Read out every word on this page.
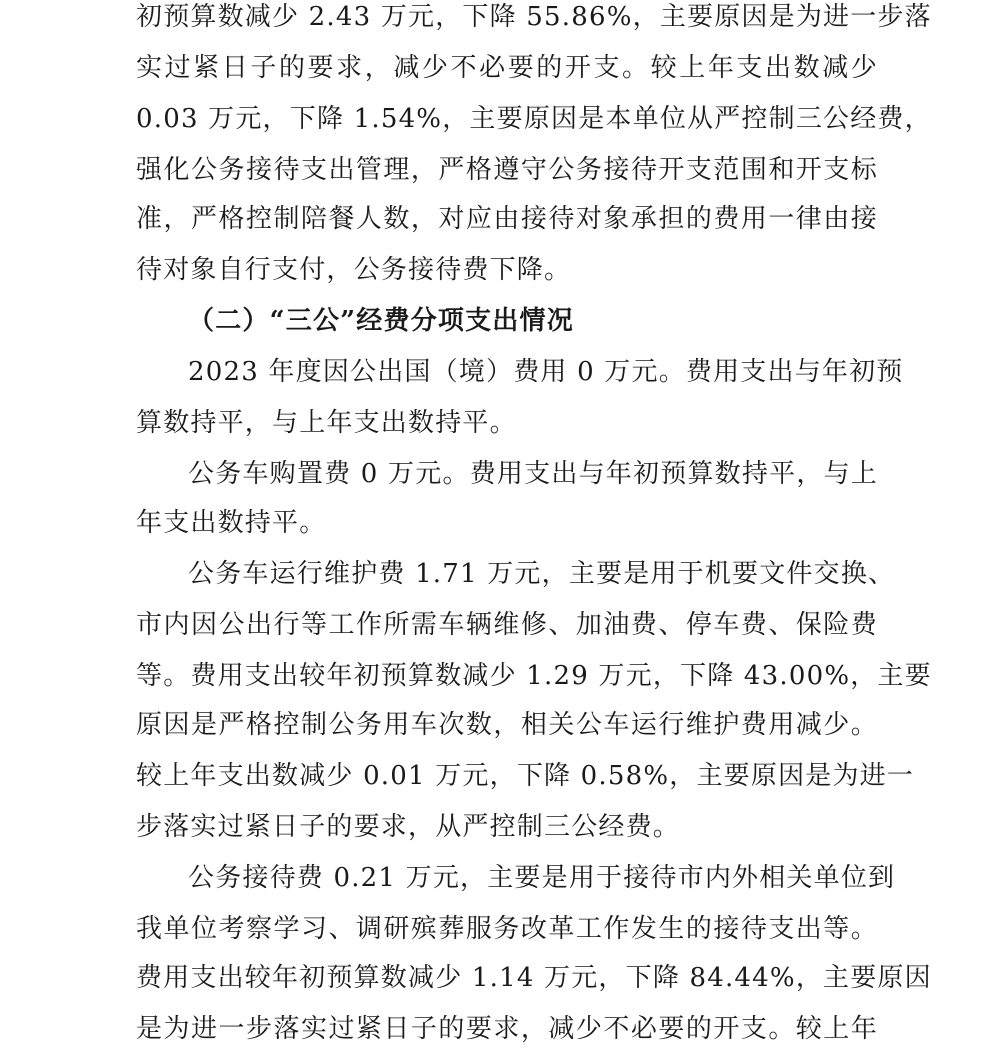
初预算数减少 2.43 万元，下降 55.86%，主要原因是为进一步落
实过紧日子的要求，减少不必要的开支。较上年支出数减少
0.03 万元，下降 1.54%，主要原因是本单位从严控制三公经费，
强化公务接待支出管理，严格遵守公务接待开支范围和开支标
准，严格控制陪餐人数，对应由接待对象承担的费用一律由接
待对象自行支付，公务接待费下降。
（二）“三公”经费分项支出情况
2023 年度因公出国（境）费用 0 万元。费用支出与年初预
算数持平，与上年支出数持平。
公务车购置费 0 万元。费用支出与年初预算数持平，与上
年支出数持平。
公务车运行维护费 1.71 万元，主要是用于机要文件交换、
市内因公出行等工作所需车辆维修、加油费、停车费、保险费
等。费用支出较年初预算数减少 1.29 万元，下降 43.00%，主要
原因是严格控制公务用车次数，相关公车运行维护费用减少。
较上年支出数减少 0.01 万元，下降 0.58%，主要原因是为进一
步落实过紧日子的要求，从严控制三公经费。
公务接待费 0.21 万元，主要是用于接待市内外相关单位到
我单位考察学习、调研殡葬服务改革工作发生的接待支出等。
费用支出较年初预算数减少 1.14 万元，下降 84.44%，主要原因
是为进一步落实过紧日子的要求，减少不必要的开支。较上年
